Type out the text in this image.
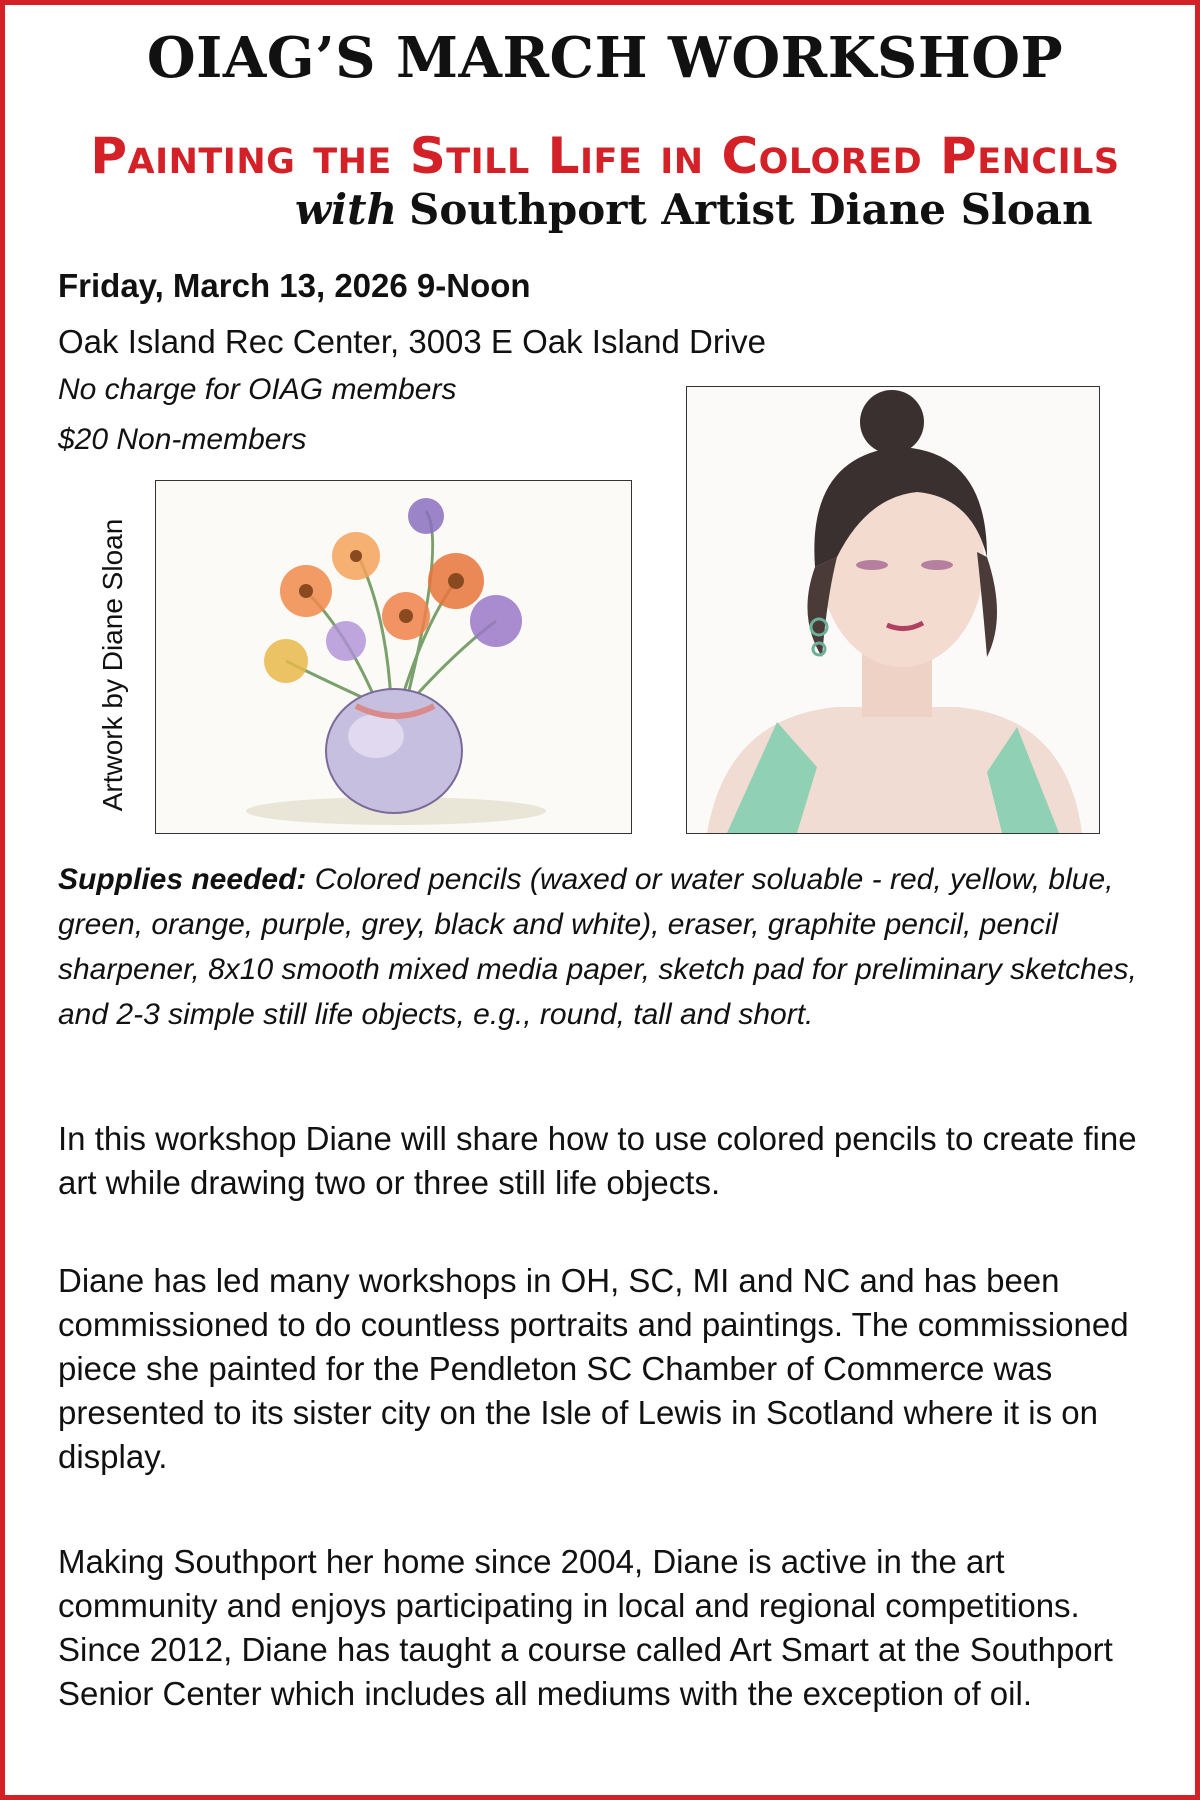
OIAG’S MARCH WORKSHOP
Painting the Still Life in Colored Pencils
with Southport Artist Diane Sloan
Friday, March 13, 2026 9-Noon
Oak Island Rec Center, 3003 E Oak Island Drive
No charge for OIAG members
$20 Non-members
Artwork by Diane Sloan
Supplies needed: Colored pencils (waxed or water soluable - red, yellow, blue, green, orange, purple, grey, black and white), eraser, graphite pencil, pencil sharpener, 8x10 smooth mixed media paper, sketch pad for preliminary sketches, and 2-3 simple still life objects, e.g., round, tall and short.
In this workshop Diane will share how to use colored pencils to create fine art while drawing two or three still life objects.
Diane has led many workshops in OH, SC, MI and NC and has been commissioned to do countless portraits and paintings. The commissioned piece she painted for the Pendleton SC Chamber of Commerce was presented to its sister city on the Isle of Lewis in Scotland where it is on display.
Making Southport her home since 2004, Diane is active in the art community and enjoys participating in local and regional competitions. Since 2012, Diane has taught a course called Art Smart at the Southport Senior Center which includes all mediums with the exception of oil.
